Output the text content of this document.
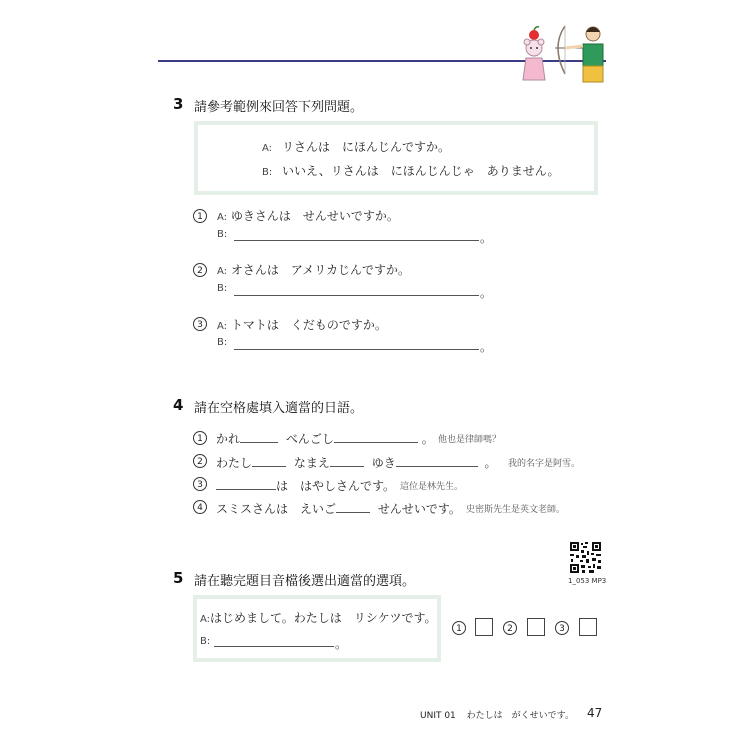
3 請參考範例來回答下列問題。
A: リさんは　にほんじんですか。
B: いいえ、リさんは　にほんじんじゃ　ありません。
1	A: ゆきさんは　せんせいですか。
B:	。
2	A: オさんは　アメリカじんですか。
B:	。
3	A: トマトは　くだものですか。
B:	。
4 請在空格處填入適當的日語。
1	かれ	べんごし	。 他也是律師嗎？
2	わたし	なまえ	ゆき	。 我的名字是阿雪。
3	は　はやしさんです。 這位是林先生。
4	スミスさんは　えいご	せんせいです。 史密斯先生是英文老師。
5 請在聽完題目音檔後選出適當的選項。	1_053 MP3
A:はじめまして。わたしは　リシケツです。
B:	。
1	2	3
UNIT 01 わたしは　がくせいです。 47
